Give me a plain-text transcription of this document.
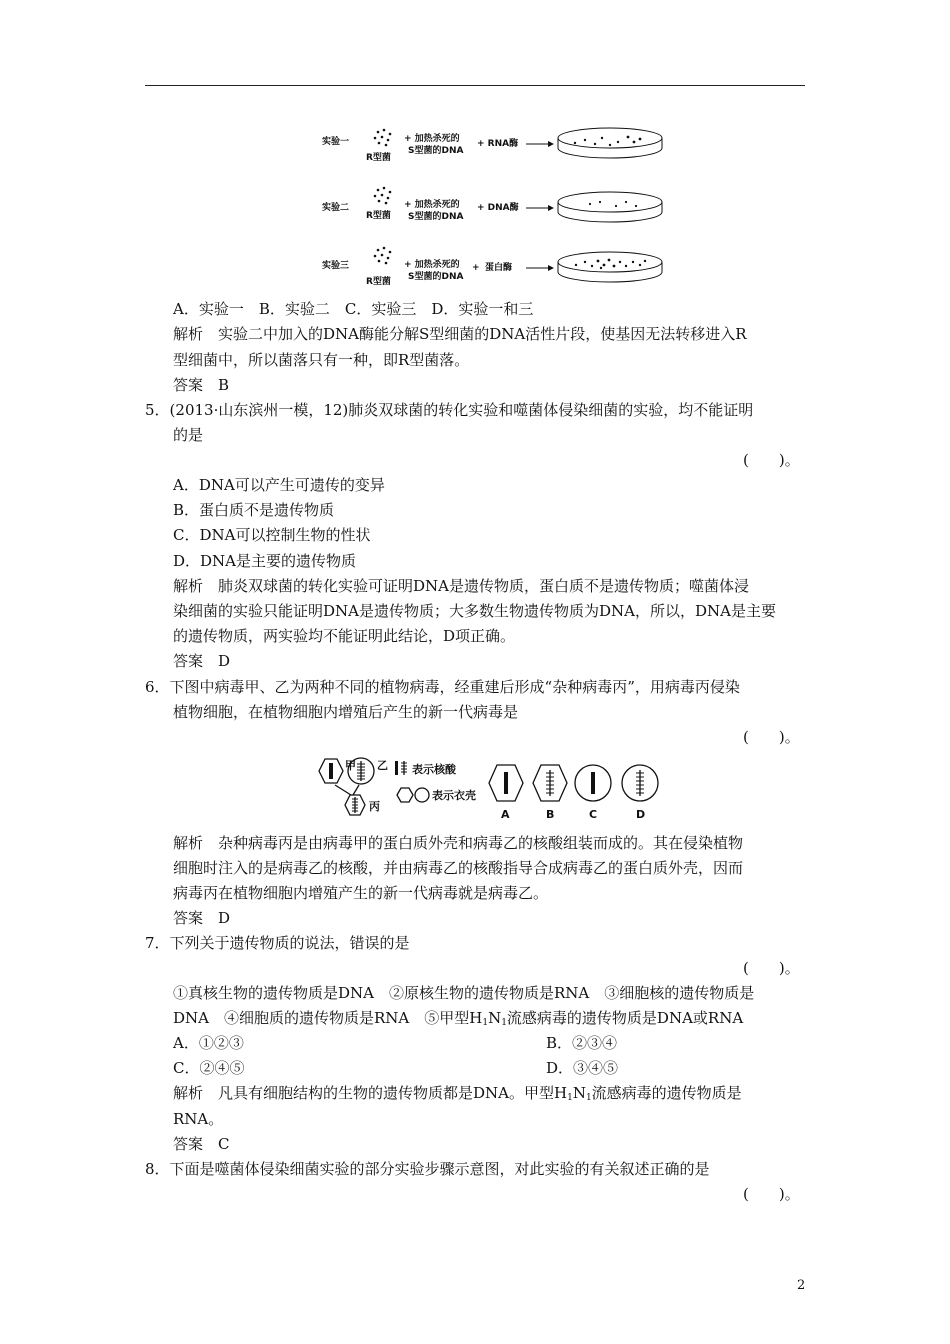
实验一
R型菌
+ 加热杀死的
S型菌的DNA
+ RNA酶
实验二
R型菌
+ 加热杀死的
S型菌的DNA
+ DNA酶
实验三
R型菌
+ 加热杀死的
S型菌的DNA
+ 蛋白酶
A．实验一　B．实验二　C．实验三　D．实验一和三
解析　实验二中加入的DNA酶能分解S型细菌的DNA活性片段，使基因无法转移进入R
型细菌中，所以菌落只有一种，即R型菌落。
答案　B
5．(2013·山东滨州一模，12)肺炎双球菌的转化实验和噬菌体侵染细菌的实验，均不能证明
的是
(　　)。
A．DNA可以产生可遗传的变异
B．蛋白质不是遗传物质
C．DNA可以控制生物的性状
D．DNA是主要的遗传物质
解析　肺炎双球菌的转化实验可证明DNA是遗传物质，蛋白质不是遗传物质；噬菌体浸
染细菌的实验只能证明DNA是遗传物质；大多数生物遗传物质为DNA，所以，DNA是主要
的遗传物质，两实验均不能证明此结论，D项正确。
答案　D
6．下图中病毒甲、乙为两种不同的植物病毒，经重建后形成“杂种病毒丙”，用病毒丙侵染
植物细胞，在植物细胞内增殖后产生的新一代病毒是
(　　)。
甲 乙
丙
表示核酸
表示衣壳
A	B	C	D
解析　杂种病毒丙是由病毒甲的蛋白质外壳和病毒乙的核酸组装而成的。其在侵染植物
细胞时注入的是病毒乙的核酸，并由病毒乙的核酸指导合成病毒乙的蛋白质外壳，因而
病毒丙在植物细胞内增殖产生的新一代病毒就是病毒乙。
答案　D
7．下列关于遗传物质的说法，错误的是
(　　)。
①真核生物的遗传物质是DNA　②原核生物的遗传物质是RNA　③细胞核的遗传物质是
DNA　④细胞质的遗传物质是RNA　⑤甲型$H_1N_1$流感病毒的遗传物质是DNA或RNA
A．①②③	B．②③④
C．②④⑤	D．③④⑤
解析　凡具有细胞结构的生物的遗传物质都是DNA。甲型$H_1N_1$流感病毒的遗传物质是
RNA。
答案　C
8．下面是噬菌体侵染细菌实验的部分实验步骤示意图，对此实验的有关叙述正确的是
(　　)。
2
